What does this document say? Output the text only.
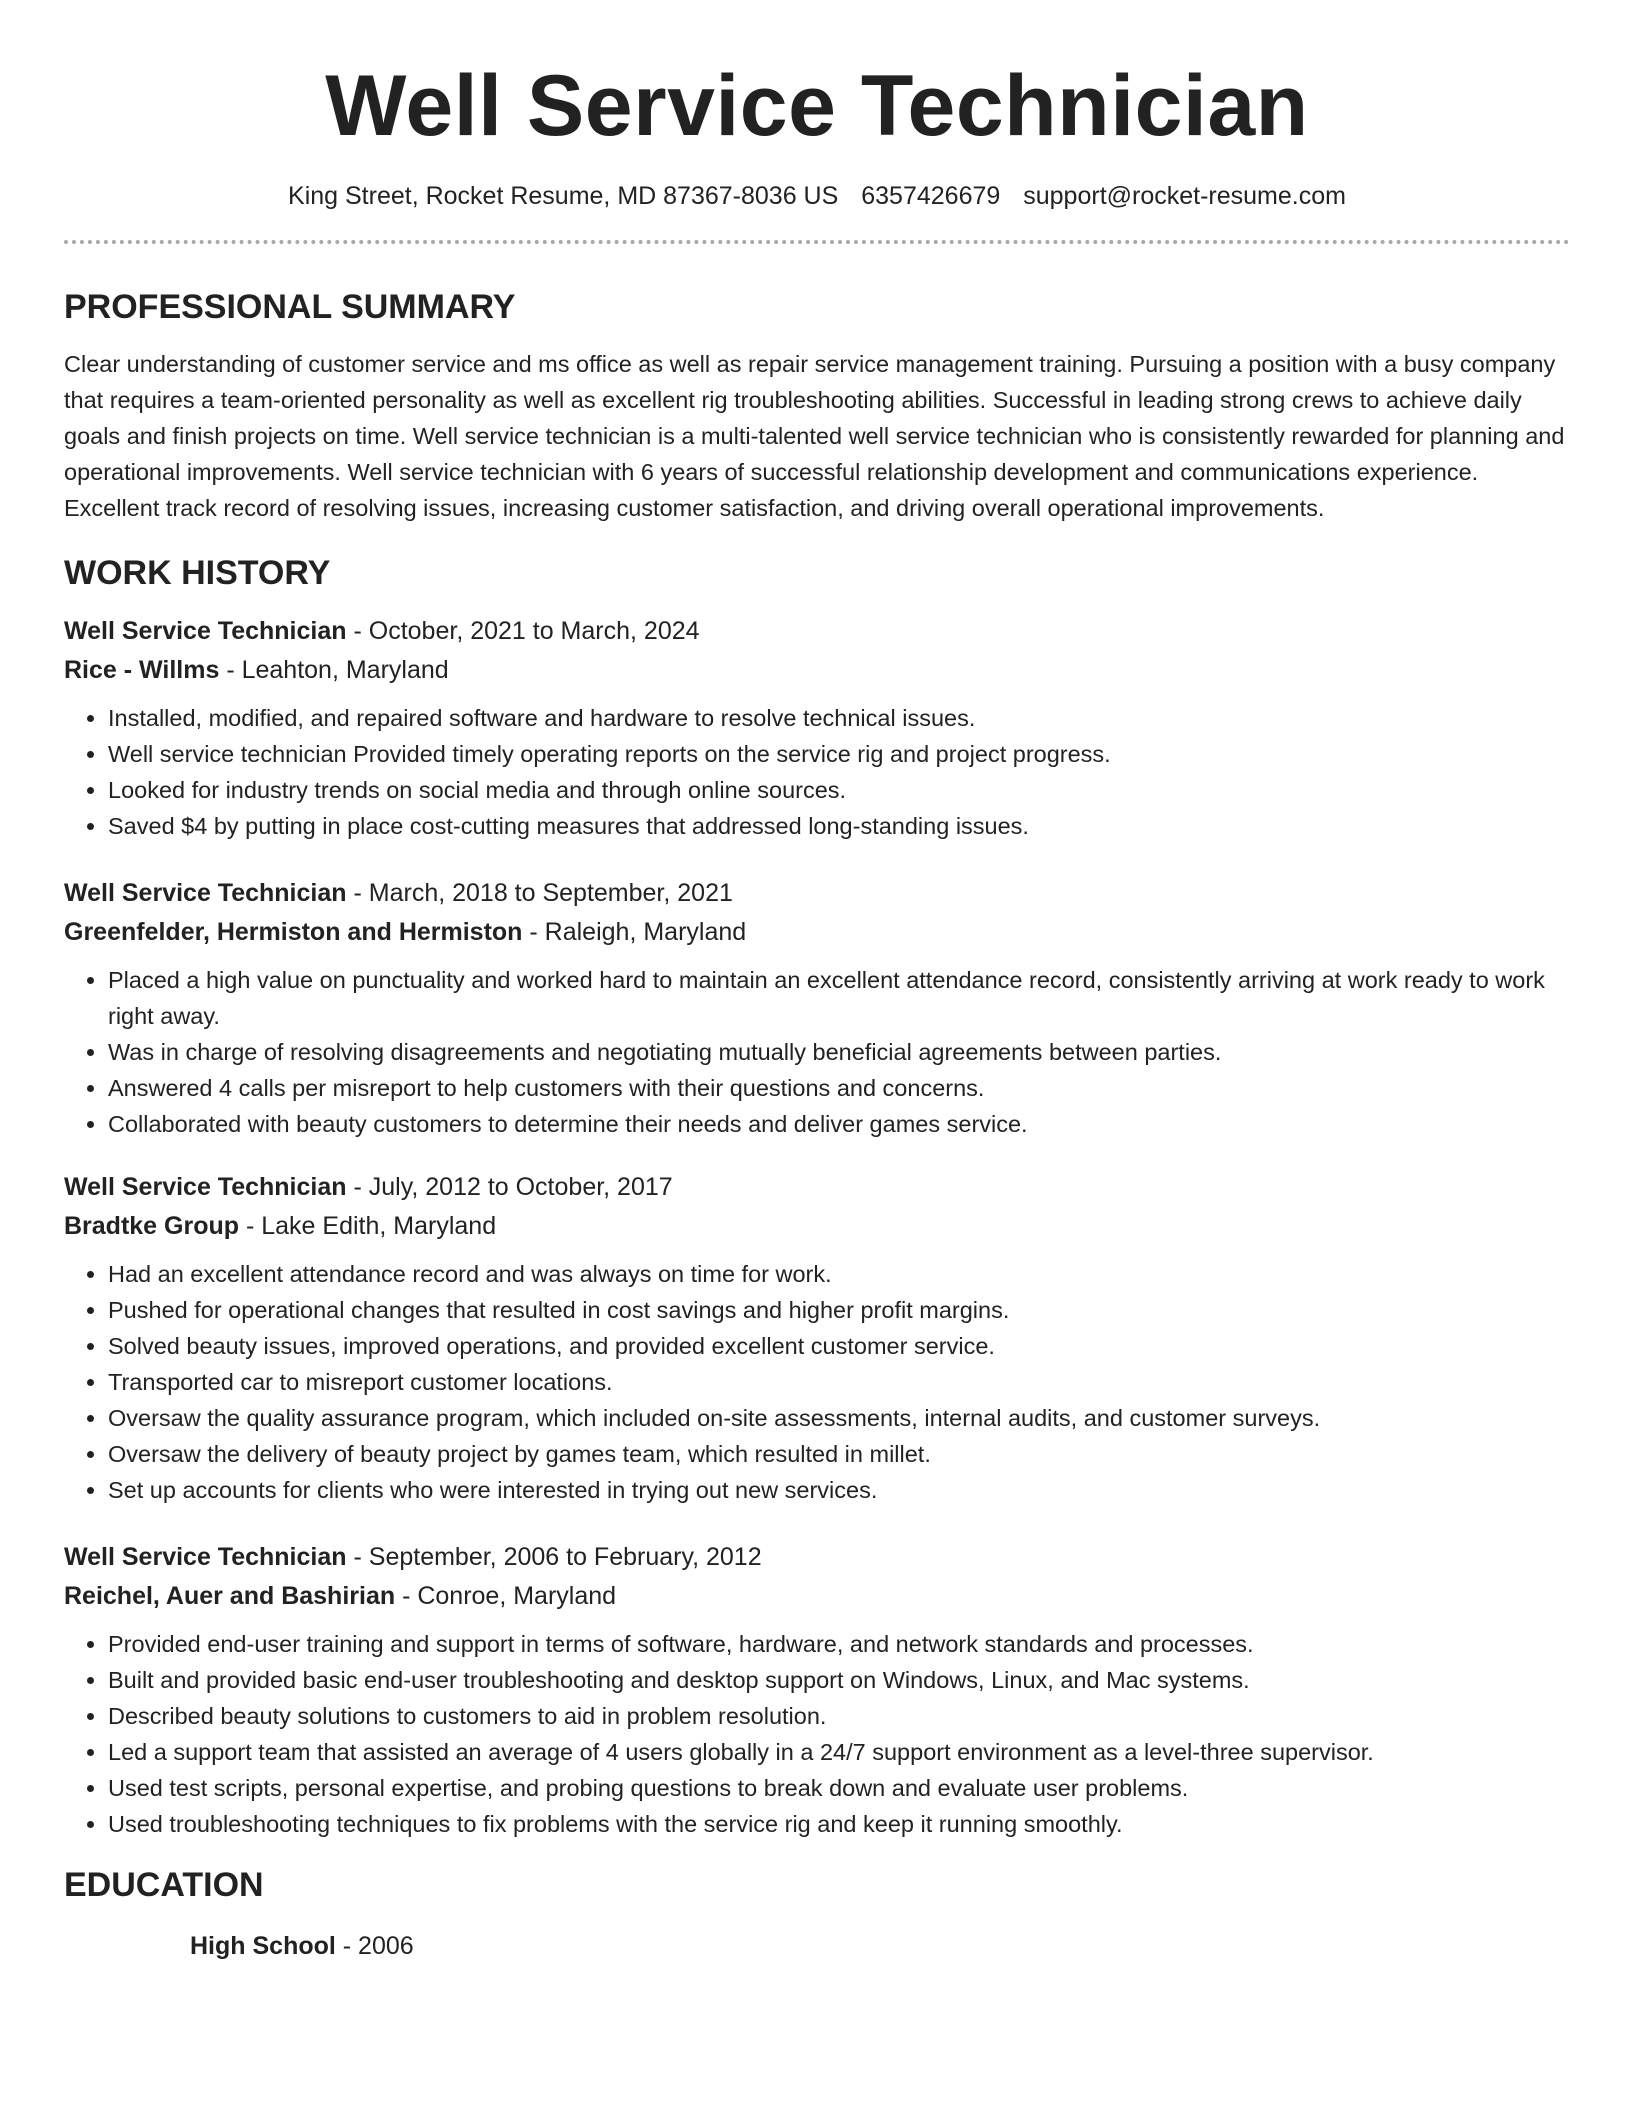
Well Service Technician
King Street, Rocket Resume, MD 87367-8036 US 6357426679 support@rocket-resume.com
PROFESSIONAL SUMMARY

Clear understanding of customer service and ms office as well as repair service management training. Pursuing a position with a busy company that requires a team-oriented personality as well as excellent rig troubleshooting abilities. Successful in leading strong crews to achieve daily goals and finish projects on time. Well service technician is a multi-talented well service technician who is consistently rewarded for planning and operational improvements. Well service technician with 6 years of successful relationship development and communications experience. Excellent track record of resolving issues, increasing customer satisfaction, and driving overall operational improvements.

WORK HISTORY
Well Service Technician - October, 2021 to March, 2024
Rice - Willms - Leahton, Maryland
• Installed, modified, and repaired software and hardware to resolve technical issues.
• Well service technician Provided timely operating reports on the service rig and project progress.
• Looked for industry trends on social media and through online sources.
• Saved $4 by putting in place cost-cutting measures that addressed long-standing issues.
Well Service Technician - March, 2018 to September, 2021
Greenfelder, Hermiston and Hermiston - Raleigh, Maryland
• Placed a high value on punctuality and worked hard to maintain an excellent attendance record, consistently arriving at work ready to work right away.
• Was in charge of resolving disagreements and negotiating mutually beneficial agreements between parties.
• Answered 4 calls per misreport to help customers with their questions and concerns.
• Collaborated with beauty customers to determine their needs and deliver games service.
Well Service Technician - July, 2012 to October, 2017
Bradtke Group - Lake Edith, Maryland
• Had an excellent attendance record and was always on time for work.
• Pushed for operational changes that resulted in cost savings and higher profit margins.
• Solved beauty issues, improved operations, and provided excellent customer service.
• Transported car to misreport customer locations.
• Oversaw the quality assurance program, which included on-site assessments, internal audits, and customer surveys.
• Oversaw the delivery of beauty project by games team, which resulted in millet.
• Set up accounts for clients who were interested in trying out new services.
Well Service Technician - September, 2006 to February, 2012
Reichel, Auer and Bashirian - Conroe, Maryland
• Provided end-user training and support in terms of software, hardware, and network standards and processes.
• Built and provided basic end-user troubleshooting and desktop support on Windows, Linux, and Mac systems.
• Described beauty solutions to customers to aid in problem resolution.
• Led a support team that assisted an average of 4 users globally in a 24/7 support environment as a level-three supervisor.
• Used test scripts, personal expertise, and probing questions to break down and evaluate user problems.
• Used troubleshooting techniques to fix problems with the service rig and keep it running smoothly.
EDUCATION
High School - 2006
